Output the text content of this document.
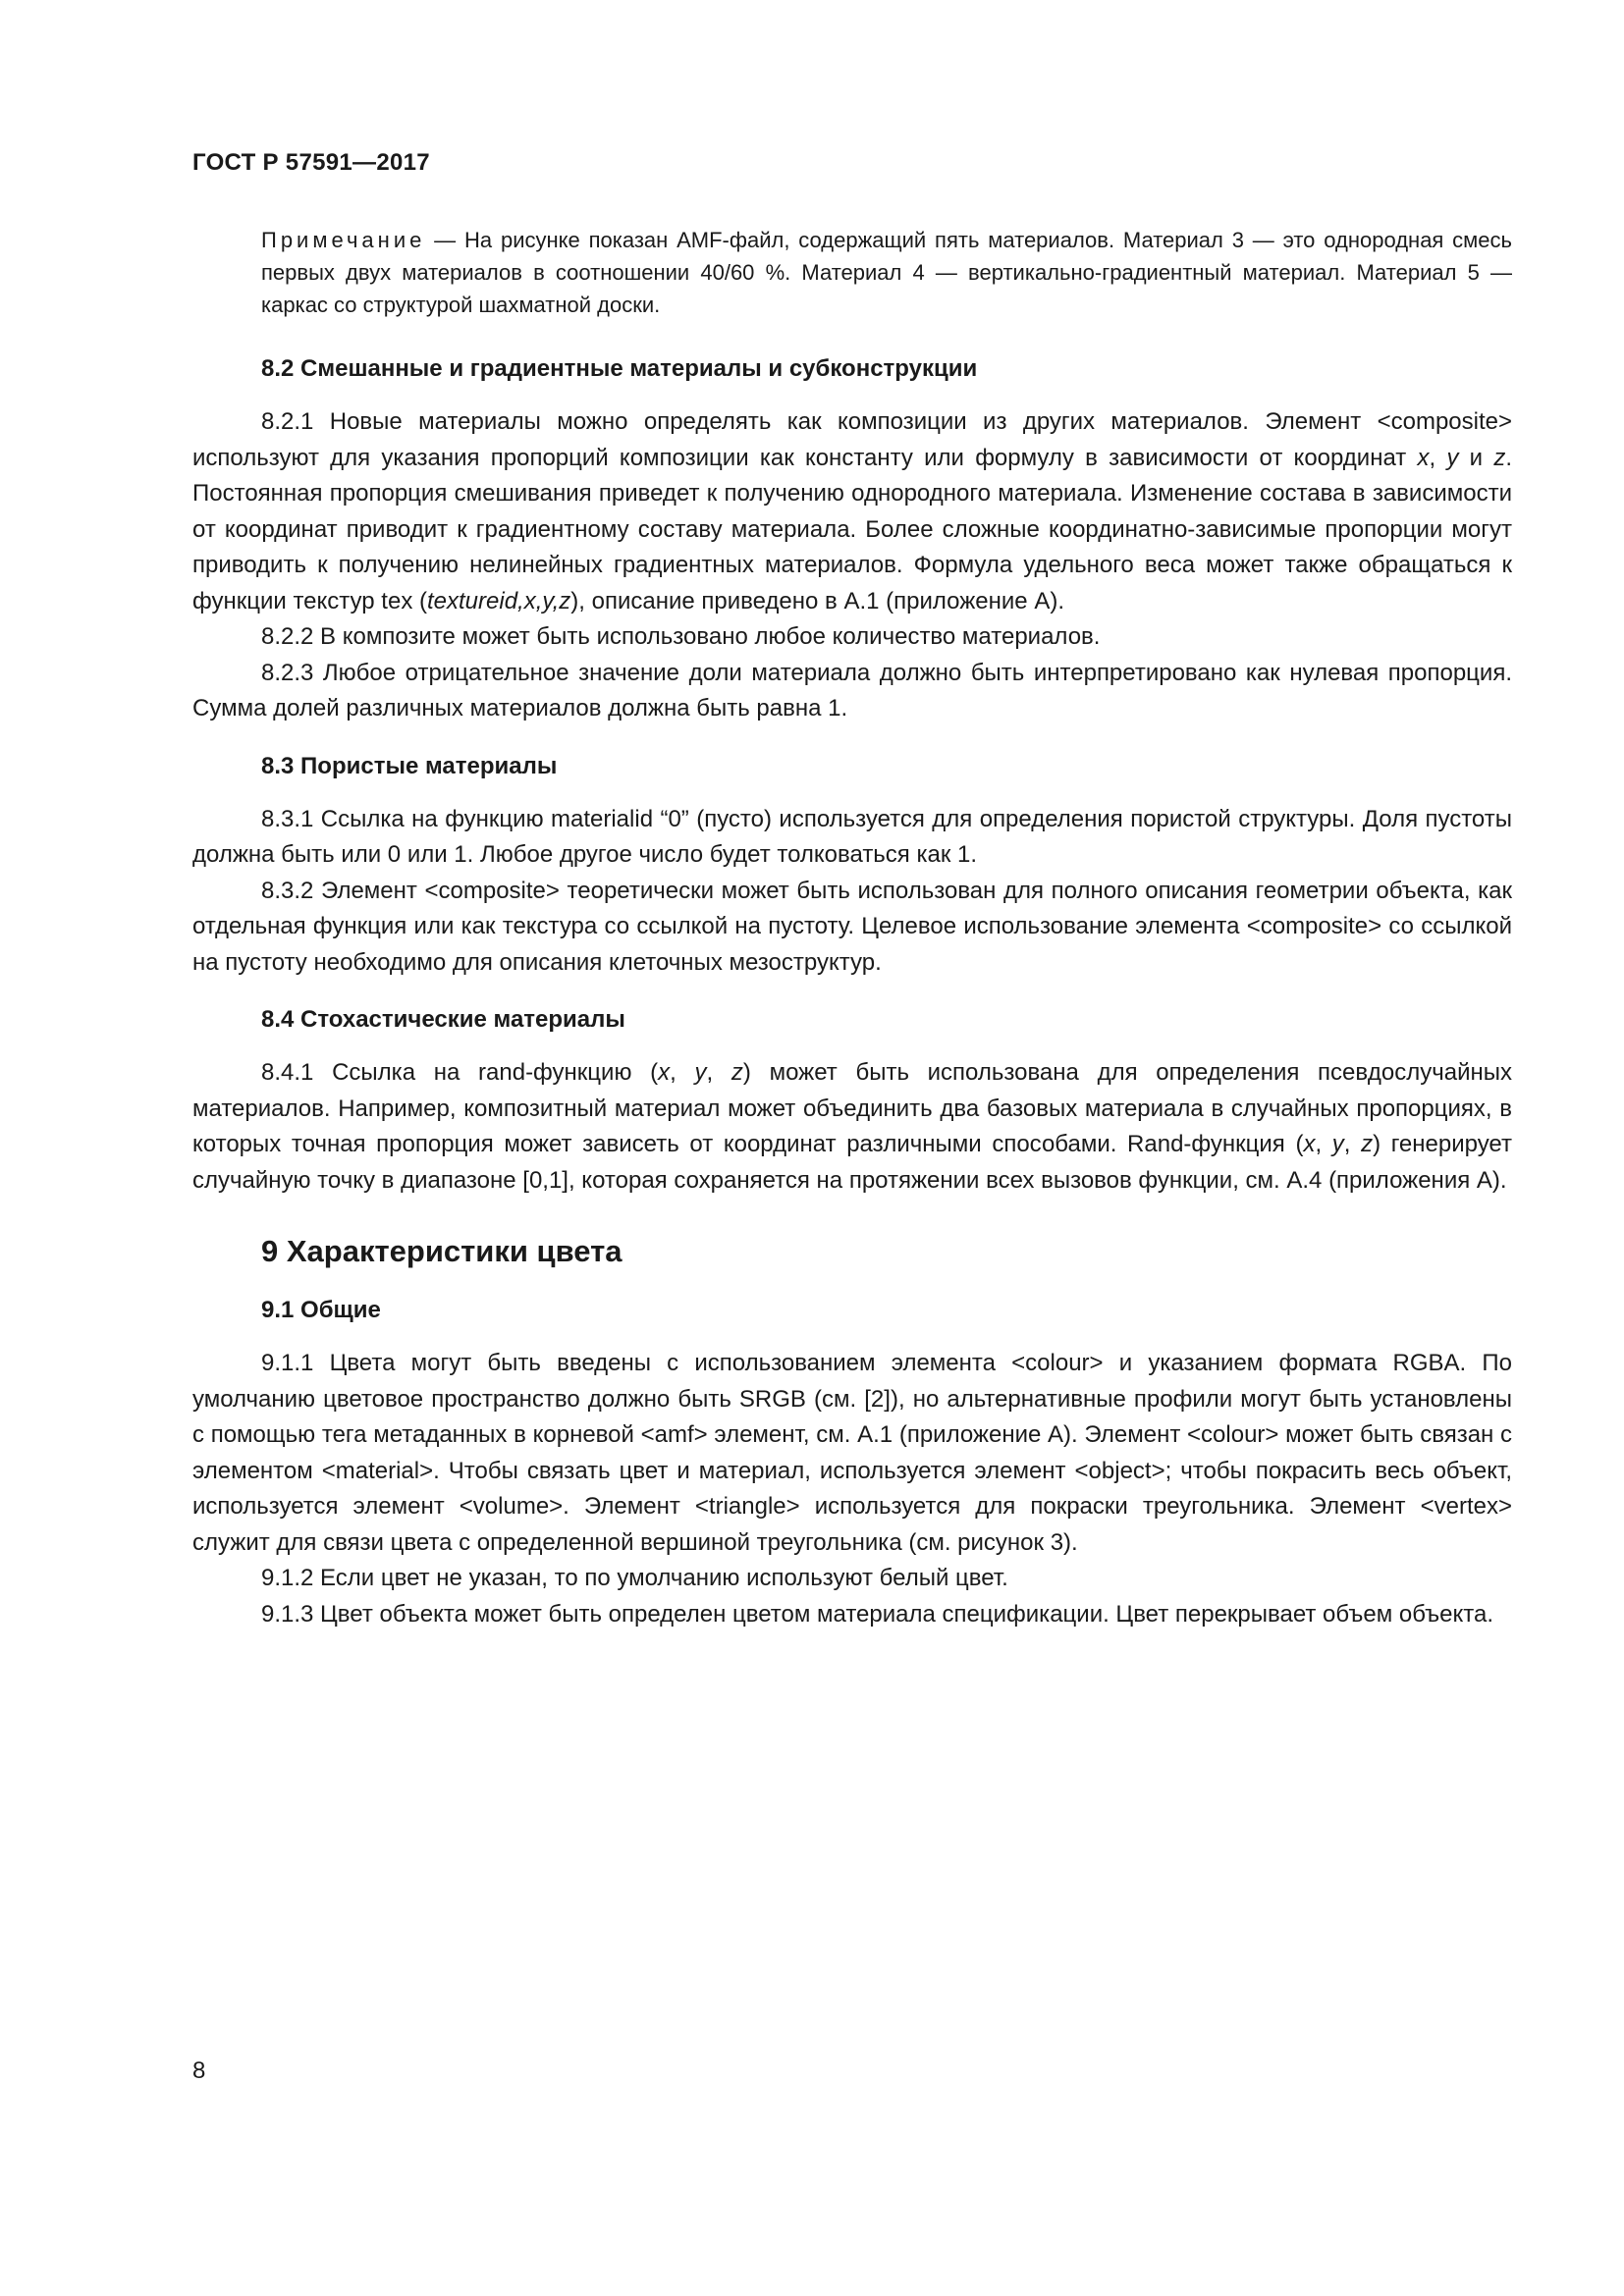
ГОСТ Р 57591—2017
Примечание — На рисунке показан AMF-файл, содержащий пять материалов. Материал 3 — это однородная смесь первых двух материалов в соотношении 40/60 %. Материал 4 — вертикально-градиентный материал. Материал 5 — каркас со структурой шахматной доски.
8.2 Смешанные и градиентные материалы и субконструкции

8.2.1 Новые материалы можно определять как композиции из других материалов. Элемент <composite> используют для указания пропорций композиции как константу или формулу в зависимости от координат x, y и z. Постоянная пропорция смешивания приведет к получению однородного материала. Изменение состава в зависимости от координат приводит к градиентному составу материала. Более сложные координатно-зависимые пропорции могут приводить к получению нелинейных градиентных материалов. Формула удельного веса может также обращаться к функции текстур tex (textureid,x,y,z), описание приведено в А.1 (приложение А).

8.2.2 В композите может быть использовано любое количество материалов.

8.2.3 Любое отрицательное значение доли материала должно быть интерпретировано как нулевая пропорция. Сумма долей различных материалов должна быть равна 1.

8.3 Пористые материалы

8.3.1 Ссылка на функцию materialid “0” (пусто) используется для определения пористой структуры. Доля пустоты должна быть или 0 или 1. Любое другое число будет толковаться как 1.

8.3.2 Элемент <composite> теоретически может быть использован для полного описания геометрии объекта, как отдельная функция или как текстура со ссылкой на пустоту. Целевое использование элемента <composite> со ссылкой на пустоту необходимо для описания клеточных мезоструктур.

8.4 Стохастические материалы

8.4.1 Ссылка на rand-функцию (x, y, z) может быть использована для определения псевдослучайных материалов. Например, композитный материал может объединить два базовых материала в случайных пропорциях, в которых точная пропорция может зависеть от координат различными способами. Rand-функция (x, y, z) генерирует случайную точку в диапазоне [0,1], которая сохраняется на протяжении всех вызовов функции, см. А.4 (приложения А).

9 Характеристики цвета
9.1 Общие

9.1.1 Цвета могут быть введены с использованием элемента <colour> и указанием формата RGBA. По умолчанию цветовое пространство должно быть SRGB (см. [2]), но альтернативные профили могут быть установлены с помощью тега метаданных в корневой <amf> элемент, см. А.1 (приложение А). Элемент <colour> может быть связан с элементом <material>. Чтобы связать цвет и материал, используется элемент <object>; чтобы покрасить весь объект, используется элемент <volume>. Элемент <triangle> используется для покраски треугольника. Элемент <vertex> служит для связи цвета с определенной вершиной треугольника (см. рисунок 3).

9.1.2 Если цвет не указан, то по умолчанию используют белый цвет.

9.1.3 Цвет объекта может быть определен цветом материала спецификации. Цвет перекрывает объем объекта.

8
